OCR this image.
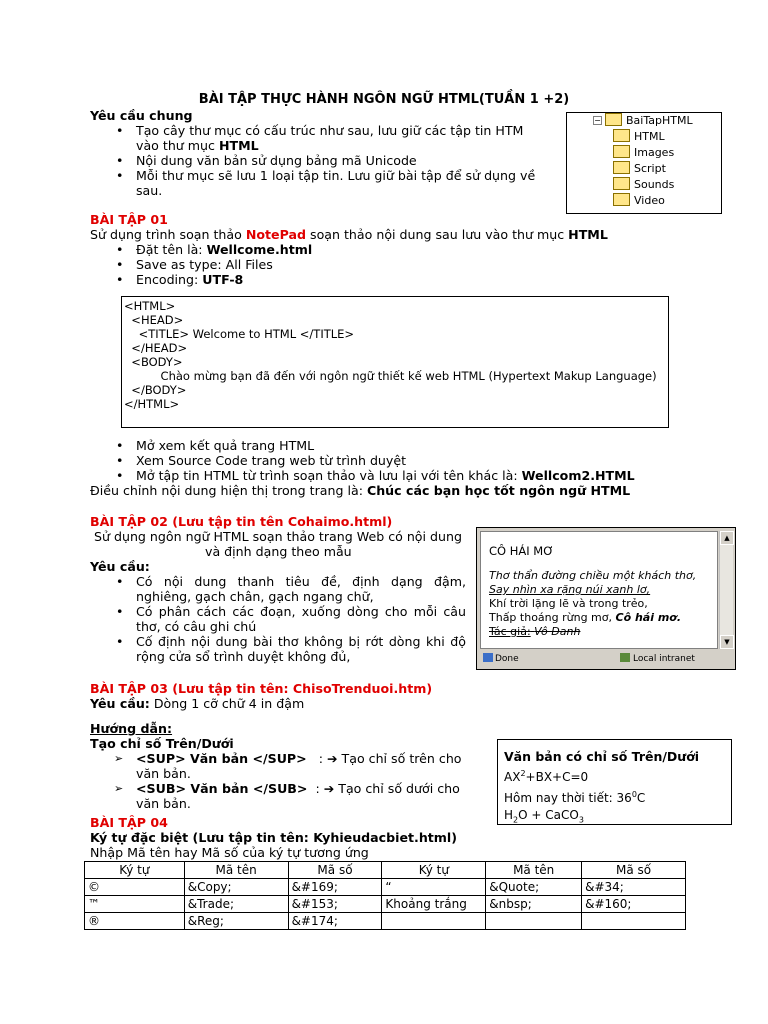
BÀI TẬP THỰC HÀNH NGÔN NGỮ HTML(TUẦN 1 +2)
Yêu cầu chung
• Tạo cây thư mục có cấu trúc như sau, lưu giữ các tập tin HTM vào thư mục HTML
• Nội dung văn bản sử dụng bảng mã Unicode
• Mỗi thư mục sẽ lưu 1 loại tập tin. Lưu giữ bài tập để sử dụng về sau.
− BaiTapHTML
HTML
Images
Script
Sounds
Video
BÀI TẬP 01
Sử dụng trình soạn thảo NotePad soạn thảo nội dung sau lưu vào thư mục HTML
• Đặt tên là: Wellcome.html
• Save as type: All Files
• Encoding: UTF-8
<HTML>
<HEAD>
<TITLE> Welcome to HTML </TITLE>
</HEAD>
<BODY>
Chào mừng bạn đã đến với ngôn ngữ thiết kế web HTML (Hypertext Makup Language)
</BODY>
</HTML>
• Mở xem kết quả trang HTML
• Xem Source Code trang web từ trình duyệt
• Mở tập tin HTML từ trình soạn thảo và lưu lại với tên khác là: Wellcom2.HTML
Điều chỉnh nội dung hiện thị trong trang là: Chúc các bạn học tốt ngôn ngữ HTML
BÀI TẬP 02 (Lưu tập tin tên Cohaimo.html)
Sử dụng ngôn ngữ HTML soạn thảo trang Web có nội dung
và định dạng theo mẫu
Yêu cầu:
• Có nội dung thanh tiêu đề, định dạng đậm, nghiêng, gạch chân, gạch ngang chữ,
• Có phân cách các đoạn, xuống dòng cho mỗi câu thơ, có câu ghi chú
• Cố định nội dung bài thơ không bị rớt dòng khi độ rộng cửa sổ trình duyệt không đủ,
CÔ HÁI MƠ
Thơ thẩn đường chiều một khách thơ,
Say nhìn xa rặng núi xanh lơ,
Khí trời lặng lẽ và trong trẻo,
Thấp thoáng rừng mơ, Cô hái mơ.
Tác giả: Vô Danh
▲
▼
Done	Local intranet
BÀI TẬP 03 (Lưu tập tin tên: ChisoTrenduoi.htm)
Yêu cầu: Dòng 1 cỡ chữ 4 in đậm
Hướng dẫn:
Tạo chỉ số Trên/Dưới
➢ <SUP> Văn bản </SUP>   : ➔ Tạo chỉ số trên cho văn bản.
➢ <SUB> Văn bản </SUB>  : ➔ Tạo chỉ số dưới cho văn bản.
Văn bản có chỉ số Trên/Dưới
$AX^2+BX+C=0$
Hôm nay thời tiết: $36^0C$
$H_2O$ + CaCO$_3$
BÀI TẬP 04
Ký tự đặc biệt (Lưu tập tin tên: Kyhieudacbiet.html)
Nhập Mã tên hay Mã số của ký tự tương ứng
Ký tự	Mã tên	Mã số	Ký tự	Mã tên	Mã số
©	&Copy;	&#169;	“	&Quote;	&#34;
™	&Trade;	&#153;	Khoảng trắng	&nbsp;	&#160;
®	&Reg;	&#174;			
